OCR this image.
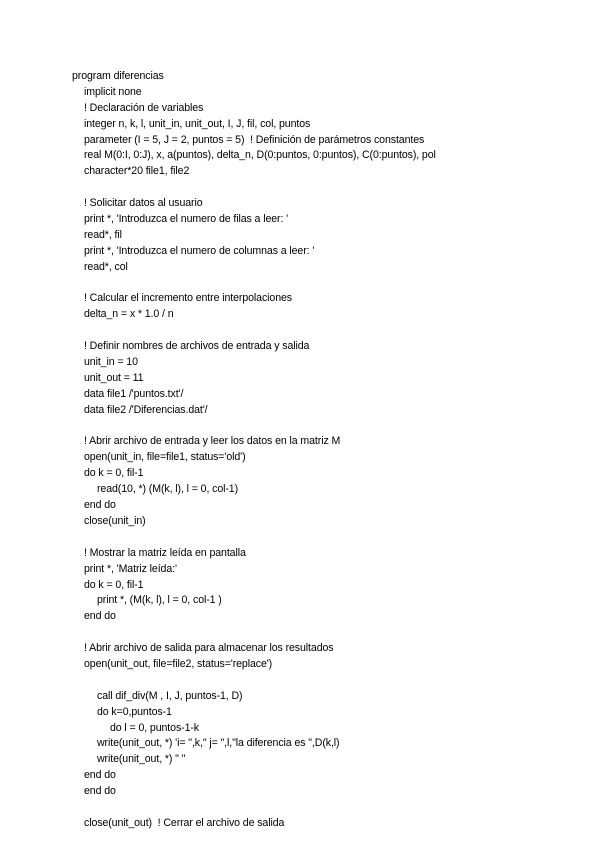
program diferencias
implicit none
! Declaración de variables
integer n, k, l, unit_in, unit_out, I, J, fil, col, puntos
parameter (I = 5, J = 2, puntos = 5)  ! Definición de parámetros constantes
real M(0:I, 0:J), x, a(puntos), delta_n, D(0:puntos, 0:puntos), C(0:puntos), pol
character*20 file1, file2
! Solicitar datos al usuario
print *, 'Introduzca el numero de filas a leer: '
read*, fil
print *, 'Introduzca el numero de columnas a leer: '
read*, col
! Calcular el incremento entre interpolaciones
delta_n = x * 1.0 / n
! Definir nombres de archivos de entrada y salida
unit_in = 10
unit_out = 11
data file1 /'puntos.txt'/
data file2 /'Diferencias.dat'/
! Abrir archivo de entrada y leer los datos en la matriz M
open(unit_in, file=file1, status='old')
do k = 0, fil-1
read(10, *) (M(k, l), l = 0, col-1)
end do
close(unit_in)
! Mostrar la matriz leída en pantalla
print *, 'Matriz leída:'
do k = 0, fil-1
print *, (M(k, l), l = 0, col-1 )
end do
! Abrir archivo de salida para almacenar los resultados
open(unit_out, file=file2, status='replace')
call dif_div(M , I, J, puntos-1, D)
do k=0,puntos-1
do l = 0, puntos-1-k
write(unit_out, *) 'i= ",k," j= ",l,"la diferencia es ",D(k,l)
write(unit_out, *) " "
end do
end do
close(unit_out)  ! Cerrar el archivo de salida
